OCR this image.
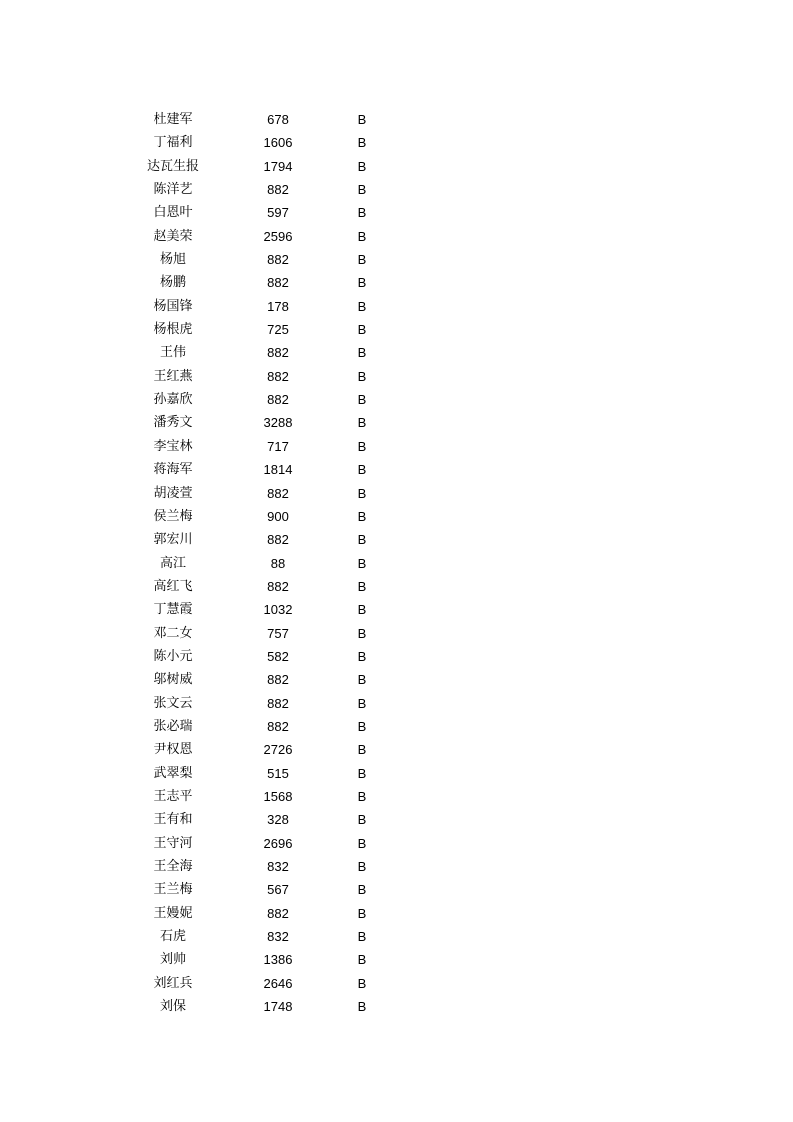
杜建军	678	B
丁福利	1606	B
达瓦生报	1794	B
陈洋艺	882	B
白恩叶	597	B
赵美荣	2596	B
杨旭	882	B
杨鹏	882	B
杨国锋	178	B
杨根虎	725	B
王伟	882	B
王红燕	882	B
孙嘉欣	882	B
潘秀文	3288	B
李宝林	717	B
蒋海军	1814	B
胡凌萱	882	B
侯兰梅	900	B
郭宏川	882	B
高江	88	B
高红飞	882	B
丁慧霞	1032	B
邓二女	757	B
陈小元	582	B
邬树威	882	B
张文云	882	B
张必瑞	882	B
尹权恩	2726	B
武翠梨	515	B
王志平	1568	B
王有和	328	B
王守河	2696	B
王全海	832	B
王兰梅	567	B
王嫚妮	882	B
石虎	832	B
刘帅	1386	B
刘红兵	2646	B
刘保	1748	B
